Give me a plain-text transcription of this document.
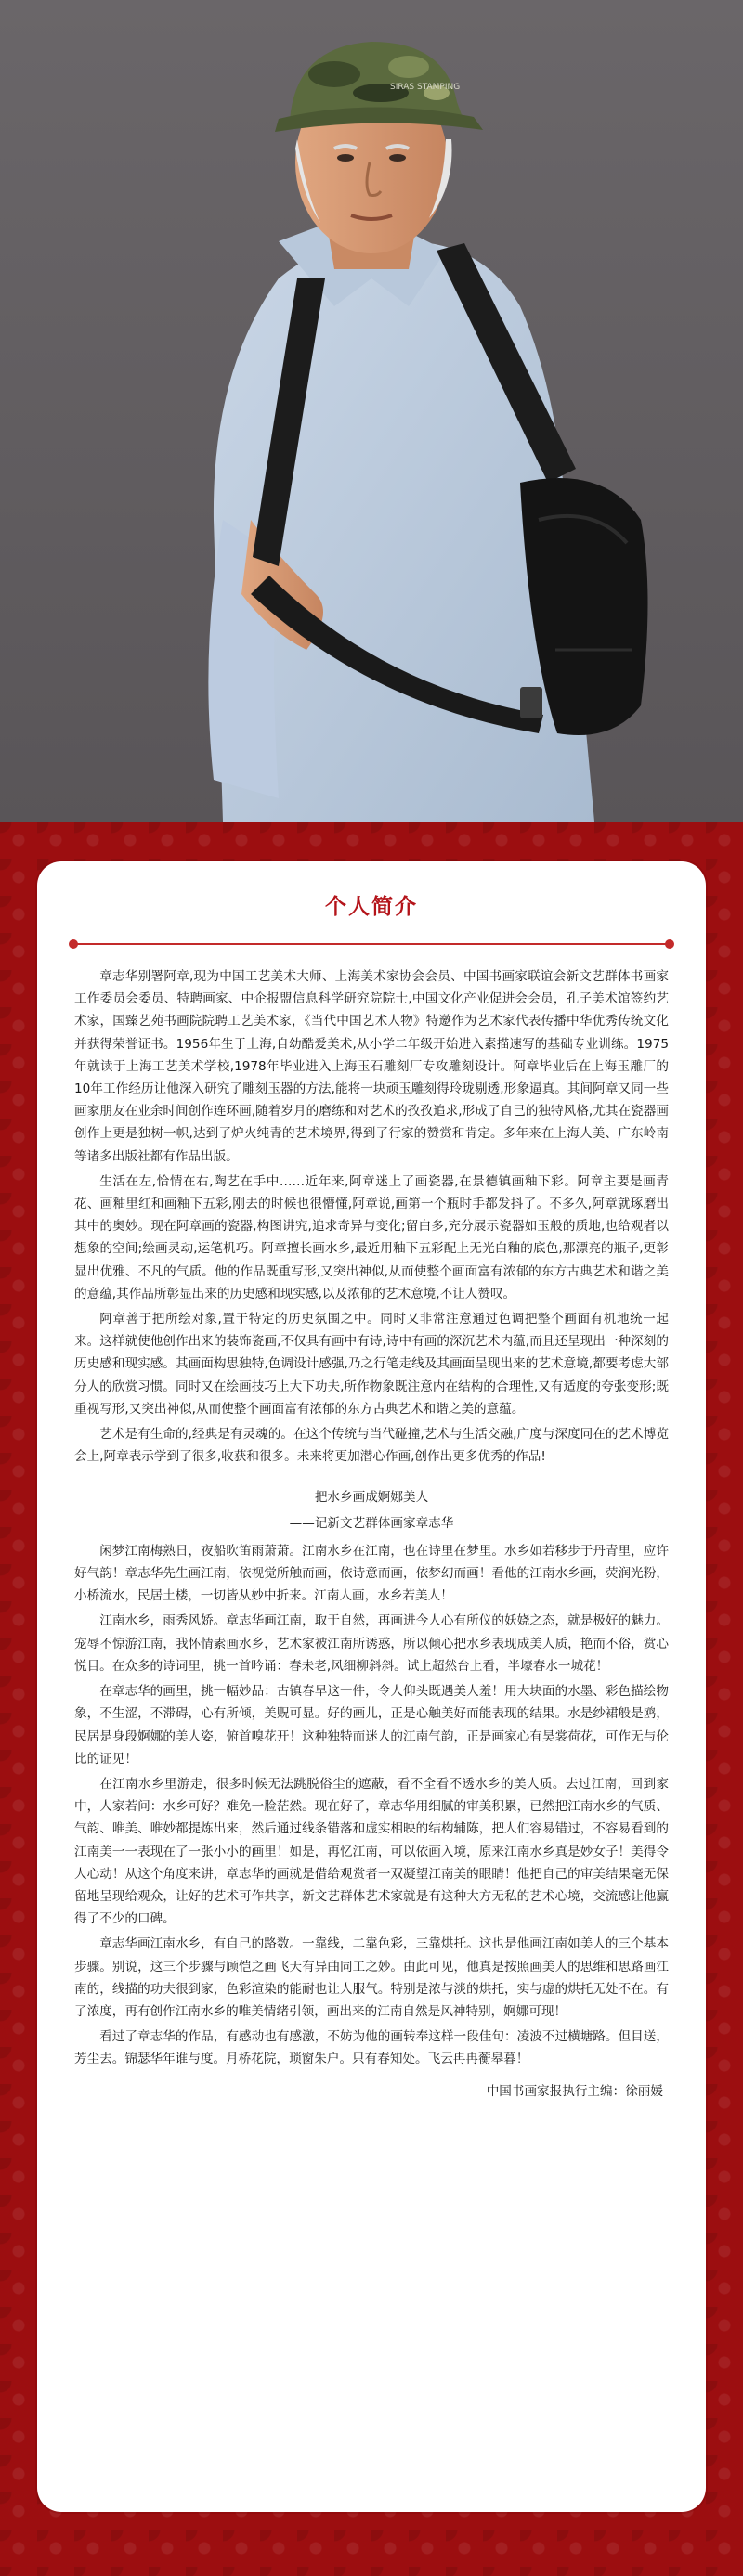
SIRAS STAMPING
个人简介

章志华别署阿章,现为中国工艺美术大师、上海美术家协会会员、中国书画家联谊会新文艺群体书画家工作委员会委员、特聘画家、中企报盟信息科学研究院院士,中国文化产业促进会会员，孔子美术馆签约艺术家，国臻艺苑书画院院聘工艺美术家，《当代中国艺术人物》特邀作为艺术家代表传播中华优秀传统文化并获得荣誉证书。1956年生于上海,自幼酷爱美术,从小学二年级开始进入素描速写的基础专业训练。1975年就读于上海工艺美术学校,1978年毕业进入上海玉石雕刻厂专攻雕刻设计。阿章毕业后在上海玉雕厂的10年工作经历让他深入研究了雕刻玉器的方法,能将一块顽玉雕刻得玲珑剔透,形象逼真。其间阿章又同一些画家朋友在业余时间创作连环画,随着岁月的磨练和对艺术的孜孜追求,形成了自己的独特风格,尤其在瓷器画创作上更是独树一帜,达到了炉火纯青的艺术境界,得到了行家的赞赏和肯定。多年来在上海人美、广东岭南等诸多出版社都有作品出版。

生活在左,恰情在右,陶艺在手中……近年来,阿章迷上了画瓷器,在景德镇画釉下彩。阿章主要是画青花、画釉里红和画釉下五彩,刚去的时候也很懵懂,阿章说,画第一个瓶时手都发抖了。不多久,阿章就琢磨出其中的奥妙。现在阿章画的瓷器,构图讲究,追求奇异与变化;留白多,充分展示瓷器如玉般的质地,也给观者以想象的空间;绘画灵动,运笔机巧。阿章擅长画水乡,最近用釉下五彩配上无光白釉的底色,那漂亮的瓶子,更彰显出优雅、不凡的气质。他的作品既重写形,又突出神似,从而使整个画面富有浓郁的东方古典艺术和谐之美的意蕴,其作品所彰显出来的历史感和现实感,以及浓郁的艺术意境,不让人赞叹。

阿章善于把所绘对象,置于特定的历史氛围之中。同时又非常注意通过色调把整个画面有机地统一起来。这样就使他创作出来的装饰瓷画,不仅具有画中有诗,诗中有画的深沉艺术内蕴,而且还呈现出一种深刻的历史感和现实感。其画面构思独特,色调设计感强,乃之行笔走线及其画面呈现出来的艺术意境,都要考虑大部分人的欣赏习惯。同时又在绘画技巧上大下功夫,所作物象既注意内在结构的合理性,又有适度的夸张变形;既重视写形,又突出神似,从而使整个画面富有浓郁的东方古典艺术和谐之美的意蕴。

艺术是有生命的,经典是有灵魂的。在这个传统与当代碰撞,艺术与生活交融,广度与深度同在的艺术博览会上,阿章表示学到了很多,收获和很多。未来将更加潜心作画,创作出更多优秀的作品!

把水乡画成婀娜美人

——记新文艺群体画家章志华

闲梦江南梅熟日，夜船吹笛雨萧萧。江南水乡在江南，也在诗里在梦里。水乡如若移步于丹青里，应许好气韵！章志华先生画江南，依视觉所触而画，依诗意而画，依梦幻而画！看他的江南水乡画，荧润光粉，小桥流水，民居土楼，一切皆从妙中折来。江南人画，水乡若美人！

江南水乡，雨秀风娇。章志华画江南，取于自然，再画进今人心有所仪的妖娆之态，就是极好的魅力。宠辱不惊游江南，我怀情素画水乡，艺术家被江南所诱惑，所以倾心把水乡表现成美人质，艳而不俗，赏心悦目。在众多的诗词里，挑一首吟诵：春未老,风细柳斜斜。试上超然台上看，半壕春水一城花！

在章志华的画里，挑一幅妙品：古镇春早这一件，令人仰头既遇美人羞！用大块面的水墨、彩色描绘物象，不生涩，不滞碍，心有所倾，美贶可显。好的画儿，正是心触美好而能表现的结果。水是纱裙般是鸥，民居是身段婀娜的美人姿，俯首嗅花开！这种独特而迷人的江南气韵，正是画家心有昊裳荷花，可作无与伦比的证见！

在江南水乡里游走，很多时候无法跳脱俗尘的遮蔽，看不全看不透水乡的美人质。去过江南，回到家中，人家若问：水乡可好？难免一脸茫然。现在好了，章志华用细腻的审美积累，已然把江南水乡的气质、气韵、唯美、唯妙都提炼出来，然后通过线条错落和虚实相映的结构辅陈，把人们容易错过，不容易看到的江南美一一表现在了一张小小的画里！如是，再忆江南，可以依画入境，原来江南水乡真是妙女子！美得令人心动！从这个角度来讲，章志华的画就是借给观赏者一双凝望江南美的眼睛！他把自己的审美结果毫无保留地呈现给观众，让好的艺术可作共享，新文艺群体艺术家就是有这种大方无私的艺术心境，交流感让他赢得了不少的口碑。

章志华画江南水乡，有自己的路数。一靠线，二靠色彩，三靠烘托。这也是他画江南如美人的三个基本步骤。别说，这三个步骤与顾恺之画飞天有异曲同工之妙。由此可见，他真是按照画美人的思维和思路画江南的，线描的功夫很到家，色彩渲染的能耐也让人服气。特别是浓与淡的烘托，实与虚的烘托无处不在。有了浓度，再有创作江南水乡的唯美情绪引领，画出来的江南自然是风神特别，婀娜可现！

看过了章志华的作品，有感动也有感激，不妨为他的画转奉这样一段佳句：凌波不过横塘路。但目送，芳尘去。锦瑟华年谁与度。月桥花院，琐窗朱户。只有春知处。飞云冉冉蘅皋暮！

中国书画家报执行主编：徐丽媛
